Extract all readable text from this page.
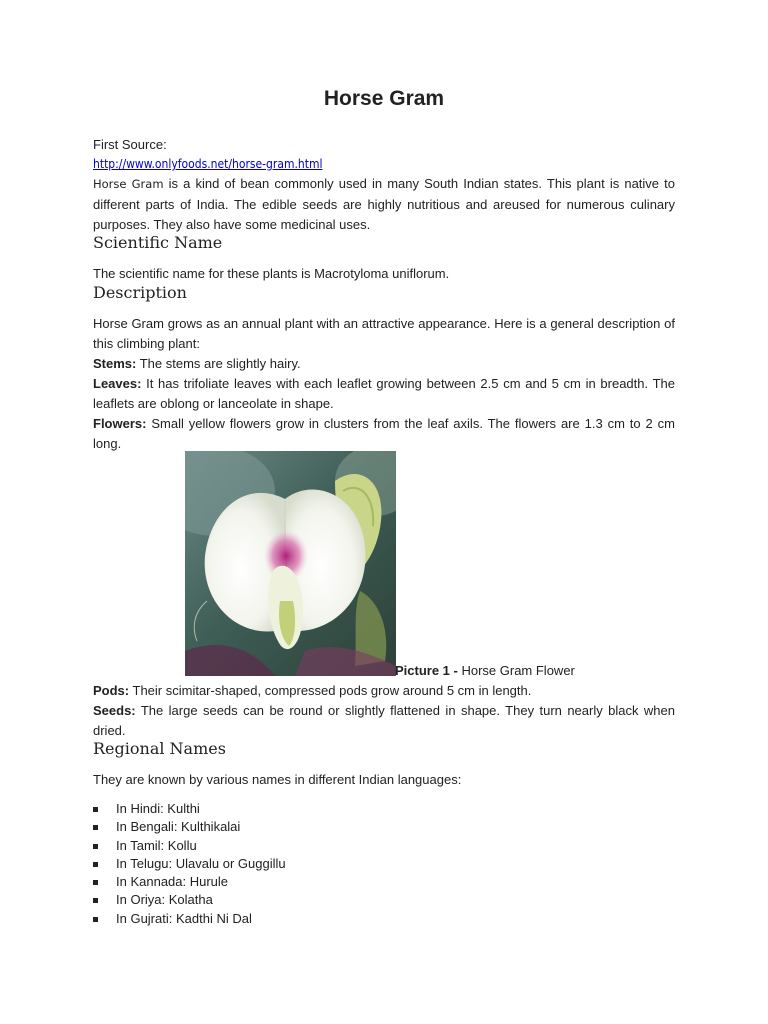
Horse Gram

First Source:

http://www.onlyfoods.net/horse-gram.html

Horse Gram is a kind of bean commonly used in many South Indian states. This plant is native to different parts of India. The edible seeds are highly nutritious and areused for numerous culinary purposes. They also have some medicinal uses.

Scientific Name

The scientific name for these plants is Macrotyloma uniflorum.

Description

Horse Gram grows as an annual plant with an attractive appearance. Here is a general description of this climbing plant:

Stems: The stems are slightly hairy.

Leaves: It has trifoliate leaves with each leaflet growing between 2.5 cm and 5 cm in breadth. The leaflets are oblong or lanceolate in shape.

Flowers: Small yellow flowers grow in clusters from the leaf axils. The flowers are 1.3 cm to 2 cm long.

Picture 1 - Horse Gram Flower

Pods: Their scimitar-shaped, compressed pods grow around 5 cm in length.

Seeds: The large seeds can be round or slightly flattened in shape. They turn nearly black when dried.

Regional Names

They are known by various names in different Indian languages:

In Hindi: Kulthi
In Bengali: Kulthikalai
In Tamil: Kollu
In Telugu: Ulavalu or Guggillu
In Kannada: Hurule
In Oriya: Kolatha
In Gujrati: Kadthi Ni Dal
